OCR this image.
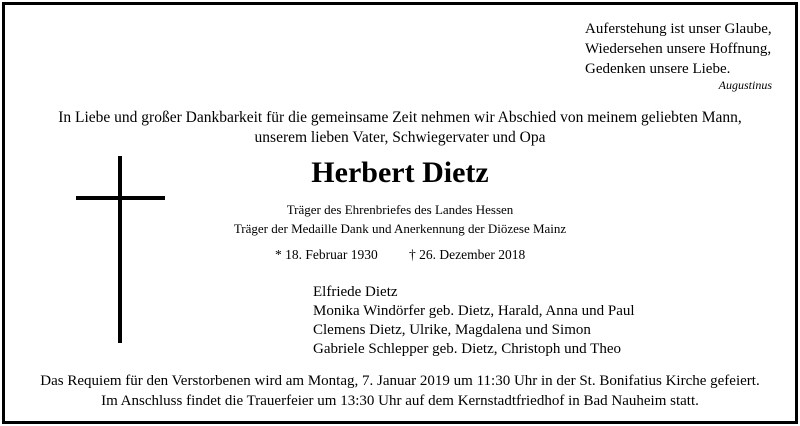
Auferstehung ist unser Glaube,
Wiedersehen unsere Hoffnung,
Gedenken unsere Liebe.
Augustinus
In Liebe und großer Dankbarkeit für die gemeinsame Zeit nehmen wir Abschied von meinem geliebten Mann,
unserem lieben Vater, Schwiegervater und Opa
Herbert Dietz
Träger des Ehrenbriefes des Landes Hessen
Träger der Medaille Dank und Anerkennung der Diözese Mainz
* 18. Februar 1930 † 26. Dezember 2018
Elfriede Dietz
Monika Windörfer geb. Dietz, Harald, Anna und Paul
Clemens Dietz, Ulrike, Magdalena und Simon
Gabriele Schlepper geb. Dietz, Christoph und Theo
Das Requiem für den Verstorbenen wird am Montag, 7. Januar 2019 um 11:30 Uhr in der St. Bonifatius Kirche gefeiert.
Im Anschluss findet die Trauerfeier um 13:30 Uhr auf dem Kernstadtfriedhof in Bad Nauheim statt.
